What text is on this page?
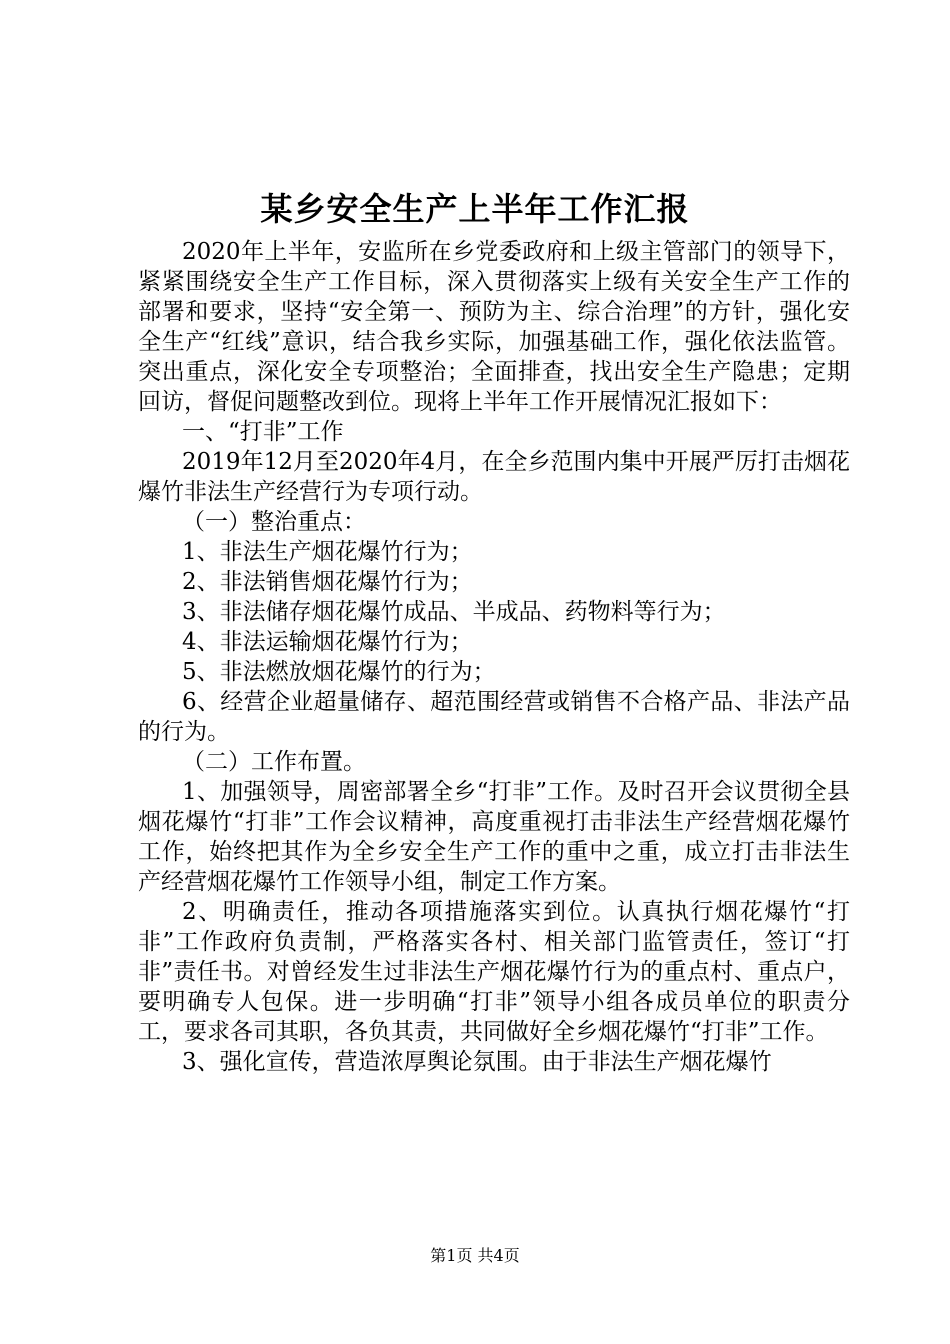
某乡安全生产上半年工作汇报

2020年上半年，安监所在乡党委政府和上级主管部门的领导下，紧紧围绕安全生产工作目标，深入贯彻落实上级有关安全生产工作的部署和要求，坚持“安全第一、预防为主、综合治理”的方针，强化安全生产“红线”意识，结合我乡实际，加强基础工作，强化依法监管。突出重点，深化安全专项整治；全面排查，找出安全生产隐患；定期回访，督促问题整改到位。现将上半年工作开展情况汇报如下：

一、“打非”工作

2019年12月至2020年4月，在全乡范围内集中开展严厉打击烟花爆竹非法生产经营行为专项行动。

（一）整治重点：

1、非法生产烟花爆竹行为；

2、非法销售烟花爆竹行为；

3、非法储存烟花爆竹成品、半成品、药物料等行为；

4、非法运输烟花爆竹行为；

5、非法燃放烟花爆竹的行为；

6、经营企业超量储存、超范围经营或销售不合格产品、非法产品的行为。

（二）工作布置。

1、加强领导，周密部署全乡“打非”工作。及时召开会议贯彻全县烟花爆竹“打非”工作会议精神，高度重视打击非法生产经营烟花爆竹工作，始终把其作为全乡安全生产工作的重中之重，成立打击非法生产经营烟花爆竹工作领导小组，制定工作方案。

2、明确责任，推动各项措施落实到位。认真执行烟花爆竹“打非”工作政府负责制，严格落实各村、相关部门监管责任，签订“打非”责任书。对曾经发生过非法生产烟花爆竹行为的重点村、重点户，要明确专人包保。进一步明确“打非”领导小组各成员单位的职责分工，要求各司其职，各负其责，共同做好全乡烟花爆竹“打非”工作。

3、强化宣传，营造浓厚舆论氛围。由于非法生产烟花爆竹

第1页 共4页
